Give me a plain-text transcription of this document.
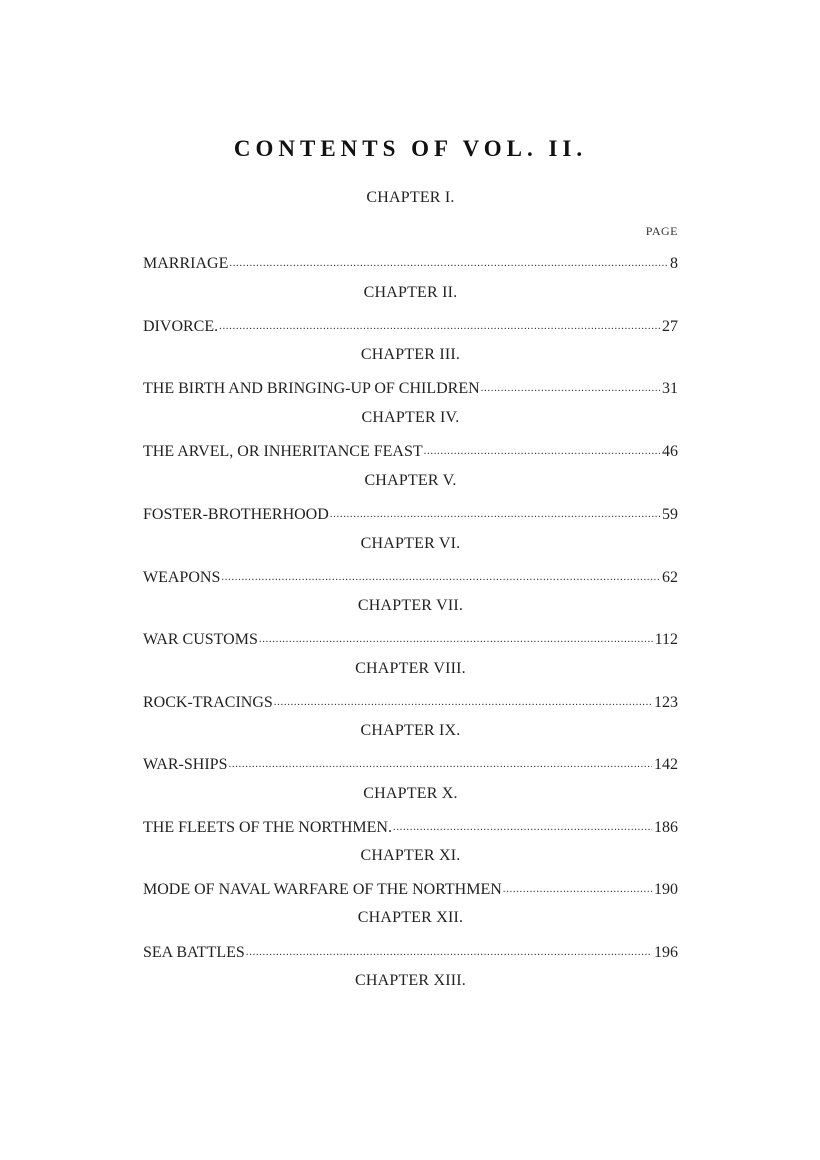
CONTENTS OF VOL. II.
CHAPTER I.
PAGE
MARRIAGE .....	8
CHAPTER II.
DIVORCE. .....	27
CHAPTER III.
THE BIRTH AND BRINGING-UP OF CHILDREN .....	31
CHAPTER IV.
THE ARVEL, OR INHERITANCE FEAST .....	46
CHAPTER V.
FOSTER-BROTHERHOOD .....	59
CHAPTER VI.
WEAPONS .....	62
CHAPTER VII.
WAR CUSTOMS .....	112
CHAPTER VIII.
ROCK-TRACINGS .....	123
CHAPTER IX.
WAR-SHIPS .....	142
CHAPTER X.
THE FLEETS OF THE NORTHMEN. .....	186
CHAPTER XI.
MODE OF NAVAL WARFARE OF THE NORTHMEN .....	190
CHAPTER XII.
SEA BATTLES .....	196
CHAPTER XIII.
